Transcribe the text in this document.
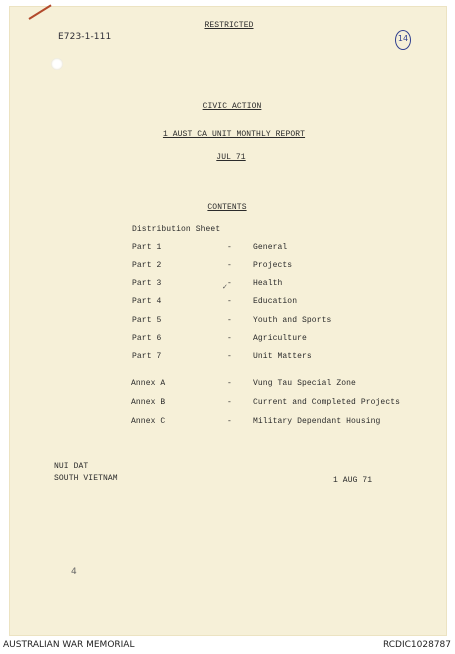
E723-1-111	14
RESTRICTED
CIVIC ACTION
1 AUST CA UNIT MONTHLY REPORT
JUL 71
CONTENTS
Distribution Sheet
Part 1	-	General
Part 2	-	Projects
Part 3	-	Health
Part 4	-	Education
Part 5	-	Youth and Sports
Part 6	-	Agriculture
Part 7	-	Unit Matters
Annex A	-	Vung Tau Special Zone
Annex B	-	Current and Completed Projects
Annex C	-	Military Dependant Housing
NUI DAT
SOUTH VIETNAM	1 AUG 71
✓
4
AUSTRALIAN WAR MEMORIAL	RCDIC1028787
